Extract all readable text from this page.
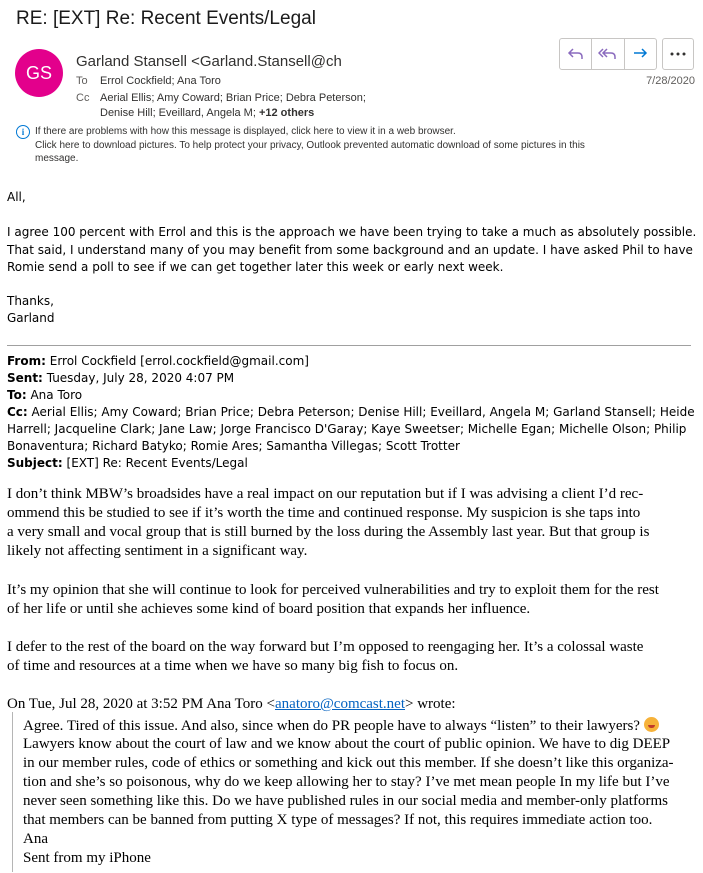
RE: [EXT] Re: Recent Events/Legal
GS
Garland Stansell <Garland.Stansell@ch
To Errol Cockfield; Ana Toro
Cc Aerial Ellis; Amy Coward; Brian Price; Debra Peterson;
Denise Hill; Eveillard, Angela M; +12 others
7/28/2020
i	If there are problems with how this message is displayed, click here to view it in a web browser.
Click here to download pictures. To help protect your privacy, Outlook prevented automatic download of some pictures in this
message.
All,
I agree 100 percent with Errol and this is the approach we have been trying to take a much as absolutely possible.
That said, I understand many of you may benefit from some background and an update. I have asked Phil to have
Romie send a poll to see if we can get together later this week or early next week.
Thanks,
Garland
From: Errol Cockfield [errol.cockfield@gmail.com]
Sent: Tuesday, July 28, 2020 4:07 PM
To: Ana Toro
Cc: Aerial Ellis; Amy Coward; Brian Price; Debra Peterson; Denise Hill; Eveillard, Angela M; Garland Stansell; Heide
Harrell; Jacqueline Clark; Jane Law; Jorge Francisco D'Garay; Kaye Sweetser; Michelle Egan; Michelle Olson; Philip
Bonaventura; Richard Batyko; Romie Ares; Samantha Villegas; Scott Trotter
Subject: [EXT] Re: Recent Events/Legal
I don’t think MBW’s broadsides have a real impact on our reputation but if I was advising a client I’d rec-
ommend this be studied to see if it’s worth the time and continued response. My suspicion is she taps into
a very small and vocal group that is still burned by the loss during the Assembly last year. But that group is
likely not affecting sentiment in a significant way.
It’s my opinion that she will continue to look for perceived vulnerabilities and try to exploit them for the rest
of her life or until she achieves some kind of board position that expands her influence.
I defer to the rest of the board on the way forward but I’m opposed to reengaging her. It’s a colossal waste
of time and resources at a time when we have so many big fish to focus on.
On Tue, Jul 28, 2020 at 3:52 PM Ana Toro <anatoro@comcast.net> wrote:
Agree. Tired of this issue. And also, since when do PR people have to always “listen” to their lawyers?
Lawyers know about the court of law and we know about the court of public opinion. We have to dig DEEP
in our member rules, code of ethics or something and kick out this member. If she doesn’t like this organiza-
tion and she’s so poisonous, why do we keep allowing her to stay? I’ve met mean people In my life but I’ve
never seen something like this. Do we have published rules in our social media and member-only platforms
that members can be banned from putting X type of messages? If not, this requires immediate action too.
Ana
Sent from my iPhone
